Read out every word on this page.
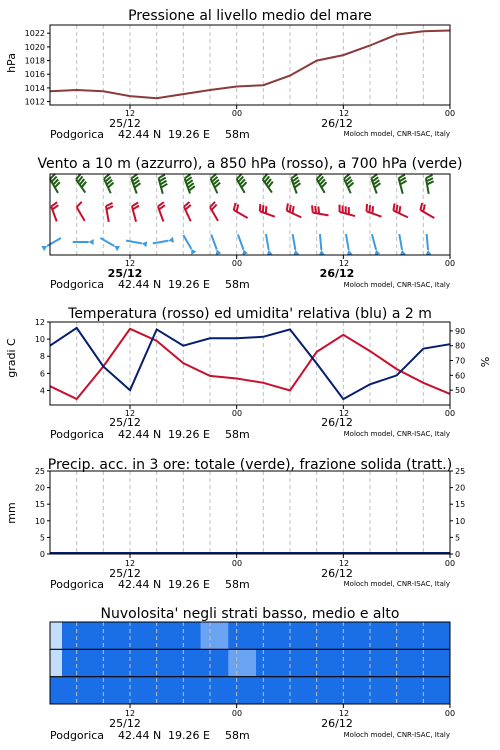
Pressione al livello medio del mare
Vento a 10 m (azzurro), a 850 hPa (rosso), a 700 hPa (verde)
Temperatura (rosso) ed umidita' relativa (blu) a 2 m
Precip. acc. in 3 ore: totale (verde), frazione solida (tratt.)
Nuvolosita' negli strati basso, medio e alto
hPa
gradi C	%
mm
12	00	12	00
25/12	26/12
Podgorica 42.44 N 19.26 E 58m	Moloch model, CNR-ISAC, Italy
12	00	12	00
25/12	26/12
Podgorica 42.44 N 19.26 E 58m	Moloch model, CNR-ISAC, Italy
12	00	12	00
25/12	26/12
Podgorica 42.44 N 19.26 E 58m	Moloch model, CNR-ISAC, Italy
12	00	12	00
25/12	26/12
Podgorica 42.44 N 19.26 E 58m	Moloch model, CNR-ISAC, Italy
12	00	12	00
25/12	26/12
Podgorica 42.44 N 19.26 E 58m	Moloch model, CNR-ISAC, Italy
1012
1014
1016
1018
1020
1022
4
6
8
10
12
50
60
70
80
90
0	0
5	5
10	10
15	15
20	20
25	25
